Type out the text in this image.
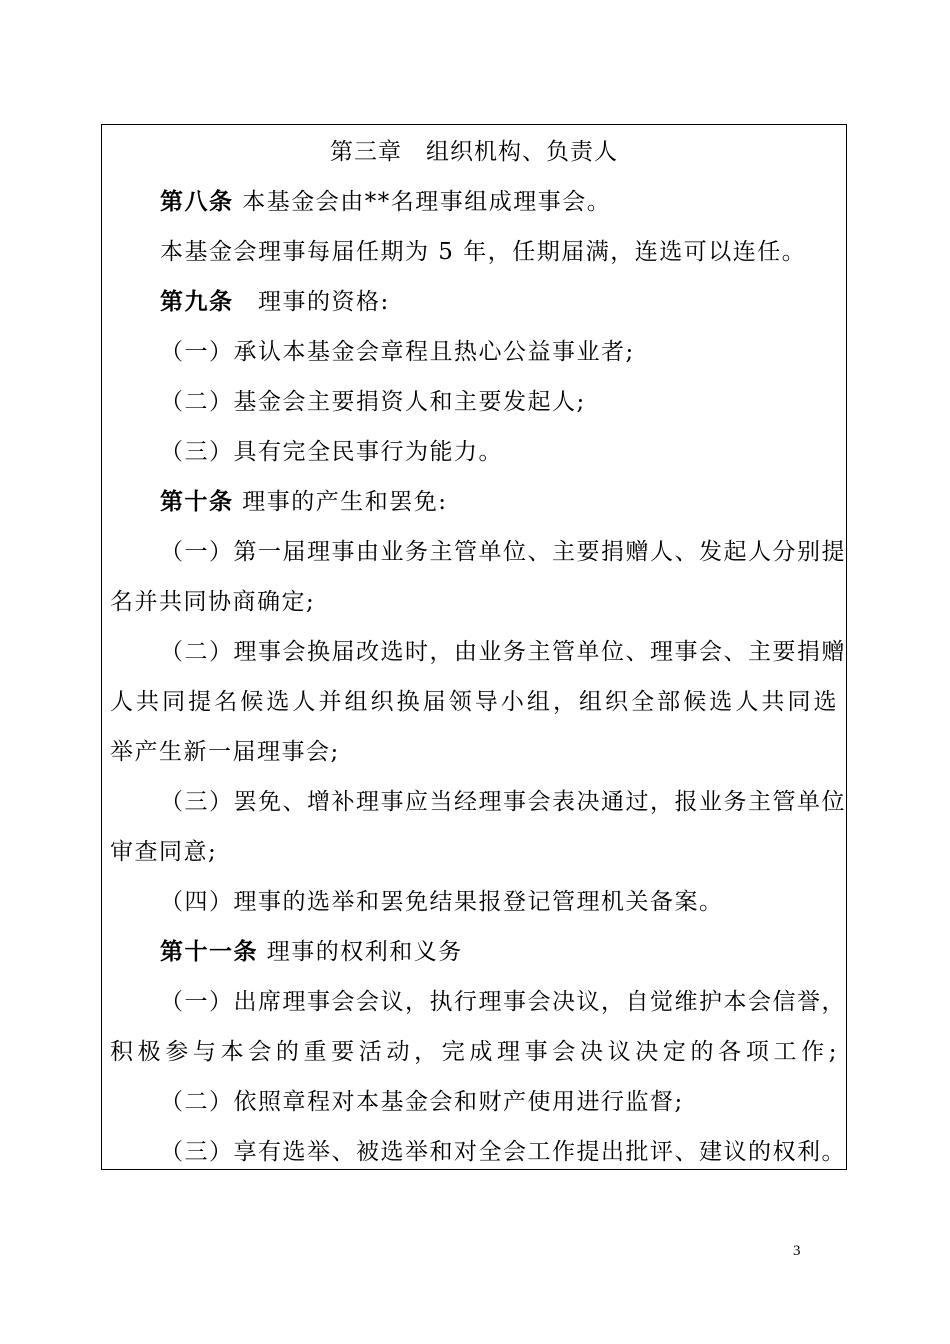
第三章　组织机构、负责人
第八条 本基金会由**名理事组成理事会。
本基金会理事每届任期为 5 年，任期届满，连选可以连任。
第九条　理事的资格:
（一）承认本基金会章程且热心公益事业者;
（二）基金会主要捐资人和主要发起人;
（三）具有完全民事行为能力。
第十条 理事的产生和罢免:
（一）第一届理事由业务主管单位、主要捐赠人、发起人分别提
名并共同协商确定;
（二）理事会换届改选时，由业务主管单位、理事会、主要捐赠
人共同提名候选人并组织换届领导小组，组织全部候选人共同选
举产生新一届理事会;
（三）罢免、增补理事应当经理事会表决通过，报业务主管单位
审查同意;
（四）理事的选举和罢免结果报登记管理机关备案。
第十一条 理事的权利和义务
（一）出席理事会会议，执行理事会决议，自觉维护本会信誉，
积极参与本会的重要活动，完成理事会决议决定的各项工作;
（二）依照章程对本基金会和财产使用进行监督;
（三）享有选举、被选举和对全会工作提出批评、建议的权利。
3
